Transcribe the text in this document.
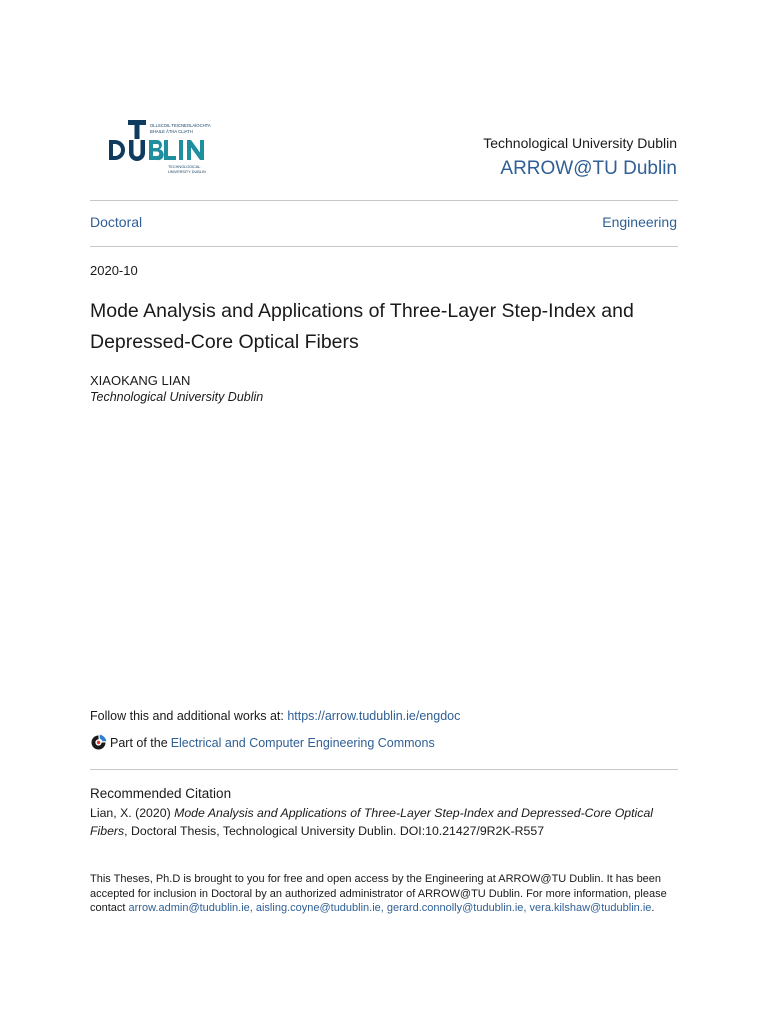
OLLSCOIL TEICNEOLAÍOCHTA
BHAILE ÁTHA CLIATH
TECHNOLOGICAL
UNIVERSITY DUBLIN
Technological University Dublin
ARROW@TU Dublin
Doctoral	Engineering
2020-10
Mode Analysis and Applications of Three-Layer Step-Index and Depressed-Core Optical Fibers
XIAOKANG LIAN
Technological University Dublin
Follow this and additional works at: https://arrow.tudublin.ie/engdoc
Part of the Electrical and Computer Engineering Commons
Recommended Citation
Lian, X. (2020) Mode Analysis and Applications of Three-Layer Step-Index and Depressed-Core Optical Fibers, Doctoral Thesis, Technological University Dublin. DOI:10.21427/9R2K-R557
This Theses, Ph.D is brought to you for free and open access by the Engineering at ARROW@TU Dublin. It has been accepted for inclusion in Doctoral by an authorized administrator of ARROW@TU Dublin. For more information, please contact arrow.admin@tudublin.ie, aisling.coyne@tudublin.ie, gerard.connolly@tudublin.ie, vera.kilshaw@tudublin.ie.
